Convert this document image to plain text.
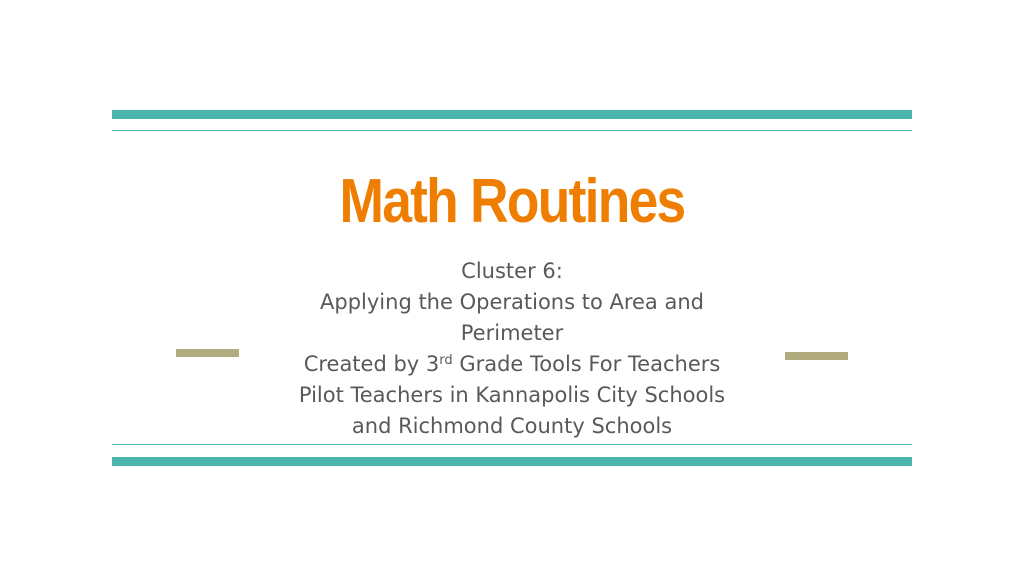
Math Routines
Cluster 6:
Applying the Operations to Area and
Perimeter
Created by 3rd Grade Tools For Teachers
Pilot Teachers in Kannapolis City Schools
and Richmond County Schools
